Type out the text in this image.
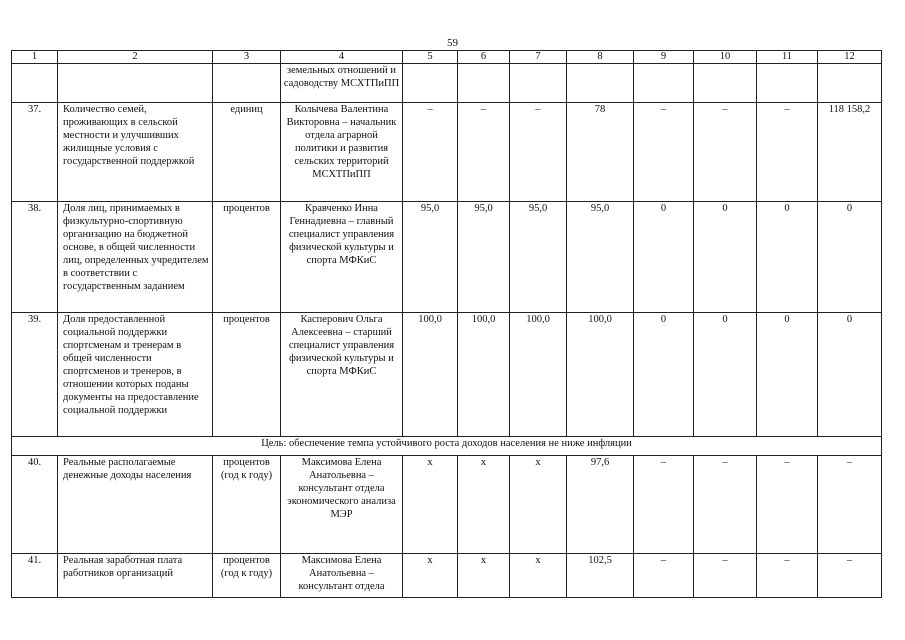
59
1	2	3	4	5	6	7	8	9	10	11	12
			земельных отношений и садоводству МСХТПиПП								
37.	Количество семей, проживающих в сельской местности и улучшивших жилищные условия с государственной поддержкой	единиц	Колычева Валентина Викторовна – начальник отдела аграрной политики и развития сельских территорий МСХТПиПП	–	–	–	78	–	–	–	118 158,2
38.	Доля лиц, принимаемых в физкультурно-спортивную организацию на бюджетной основе, в общей численности лиц, определенных учредителем в соответствии с государственным заданием	процентов	Кравченко Инна Геннадиевна – главный специалист управления физической культуры и спорта МФКиС	95,0	95,0	95,0	95,0	0	0	0	0
39.	Доля предоставленной социальной поддержки спортсменам и тренерам в общей численности спортсменов и тренеров, в отношении которых поданы документы на предоставление социальной поддержки	процентов	Касперович Ольга Алексеевна – старший специалист управления физической культуры и спорта МФКиС	100,0	100,0	100,0	100,0	0	0	0	0
Цель: обеспечение темпа устойчивого роста доходов населения не ниже инфляции											
40.	Реальные располагаемые денежные доходы населения	процентов (год к году)	Максимова Елена Анатольевна – консультант отдела экономического анализа МЭР	х	х	х	97,6	–	–	–	–
41.	Реальная заработная плата работников организаций	процентов (год к году)	Максимова Елена Анатольевна – консультант отдела	х	х	х	102,5	–	–	–	–
